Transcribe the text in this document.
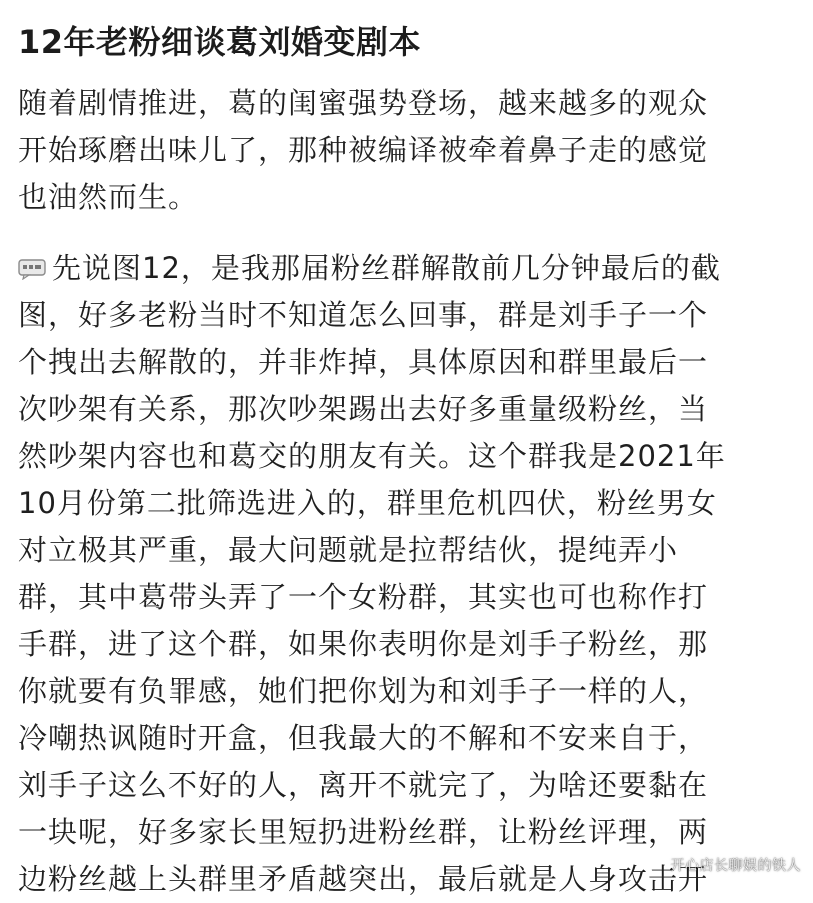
12年老粉细谈葛刘婚变剧本

随着剧情推进，葛的闺蜜强势登场，越来越多的观众
开始琢磨出味儿了，那种被编译被牵着鼻子走的感觉
也油然而生。

先说图12，是我那届粉丝群解散前几分钟最后的截
图，好多老粉当时不知道怎么回事，群是刘手子一个
个拽出去解散的，并非炸掉，具体原因和群里最后一
次吵架有关系，那次吵架踢出去好多重量级粉丝，当
然吵架内容也和葛交的朋友有关。这个群我是2021年
10月份第二批筛选进入的，群里危机四伏，粉丝男女
对立极其严重，最大问题就是拉帮结伙，提纯弄小
群，其中葛带头弄了一个女粉群，其实也可也称作打
手群，进了这个群，如果你表明你是刘手子粉丝，那
你就要有负罪感，她们把你划为和刘手子一样的人，
冷嘲热讽随时开盒，但我最大的不解和不安来自于，
刘手子这么不好的人，离开不就完了，为啥还要黏在
一块呢，好多家长里短扔进粉丝群，让粉丝评理，两
边粉丝越上头群里矛盾越突出，最后就是人身攻击开

开心店长聊娱的铁人
